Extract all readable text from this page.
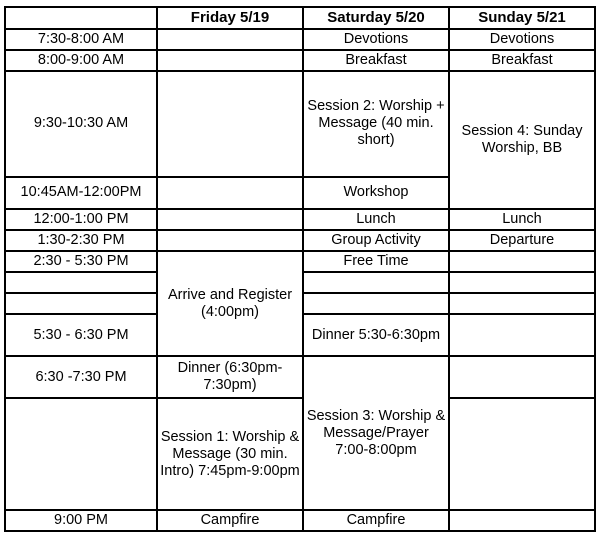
	Friday 5/19	Saturday 5/20	Sunday 5/21
7:30-8:00 AM		Devotions	Devotions
8:00-9:00 AM		Breakfast	Breakfast
9:30-10:30 AM		Session 2: Worship + Message (40 min. short)	Session 4: Sunday Worship, BB
10:45AM-12:00PM		Workshop	
12:00-1:00 PM		Lunch	Lunch
1:30-2:30 PM		Group Activity	Departure
2:30 - 5:30 PM	Arrive and Register (4:00pm)	Free Time	

5:30 - 6:30 PM		Dinner 5:30-6:30pm	
6:30 -7:30 PM	Dinner (6:30pm-7:30pm)	Session 3: Worship & Message/Prayer 7:00-8:00pm	
	Session 1: Worship & Message (30 min. Intro) 7:45pm-9:00pm		
9:00 PM	Campfire	Campfire	
